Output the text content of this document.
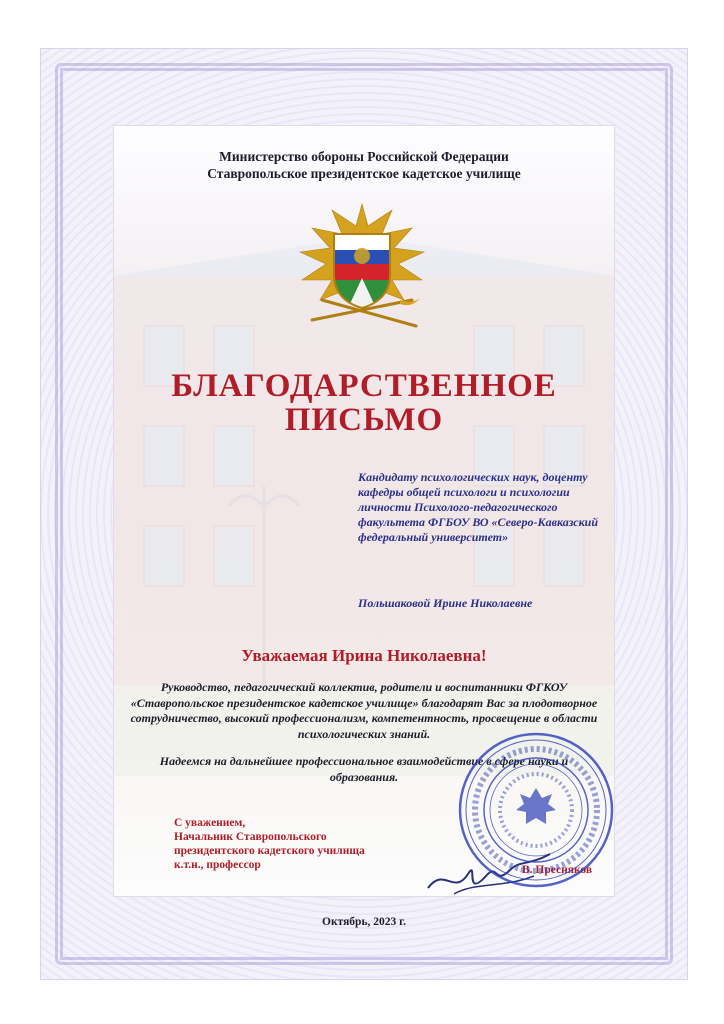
Министерство обороны Российской Федерации
Ставропольское президентское кадетское училище
БЛАГОДАРСТВЕННОЕ
ПИСЬМО
Кандидату психологических наук, доценту кафедры общей психологи и психологии личности Психолого-педагогического факультета ФГБОУ ВО «Северо-Кавказский федеральный университет»
Польшаковой Ирине Николаевне
Уважаемая Ирина Николаевна!
Руководство, педагогический коллектив, родители и воспитанники ФГКОУ «Ставропольское президентское кадетское училище» благодарят Вас за плодотворное сотрудничество, высокий профессионализм, компетентность, просвещение в области психологических знаний.
Надеемся на дальнейшее профессиональное взаимодействие в сфере науки и образования.
С уважением,
Начальник Ставропольского
президентского кадетского училища
к.т.н., профессор	В. Пресняков
Октябрь, 2023 г.
